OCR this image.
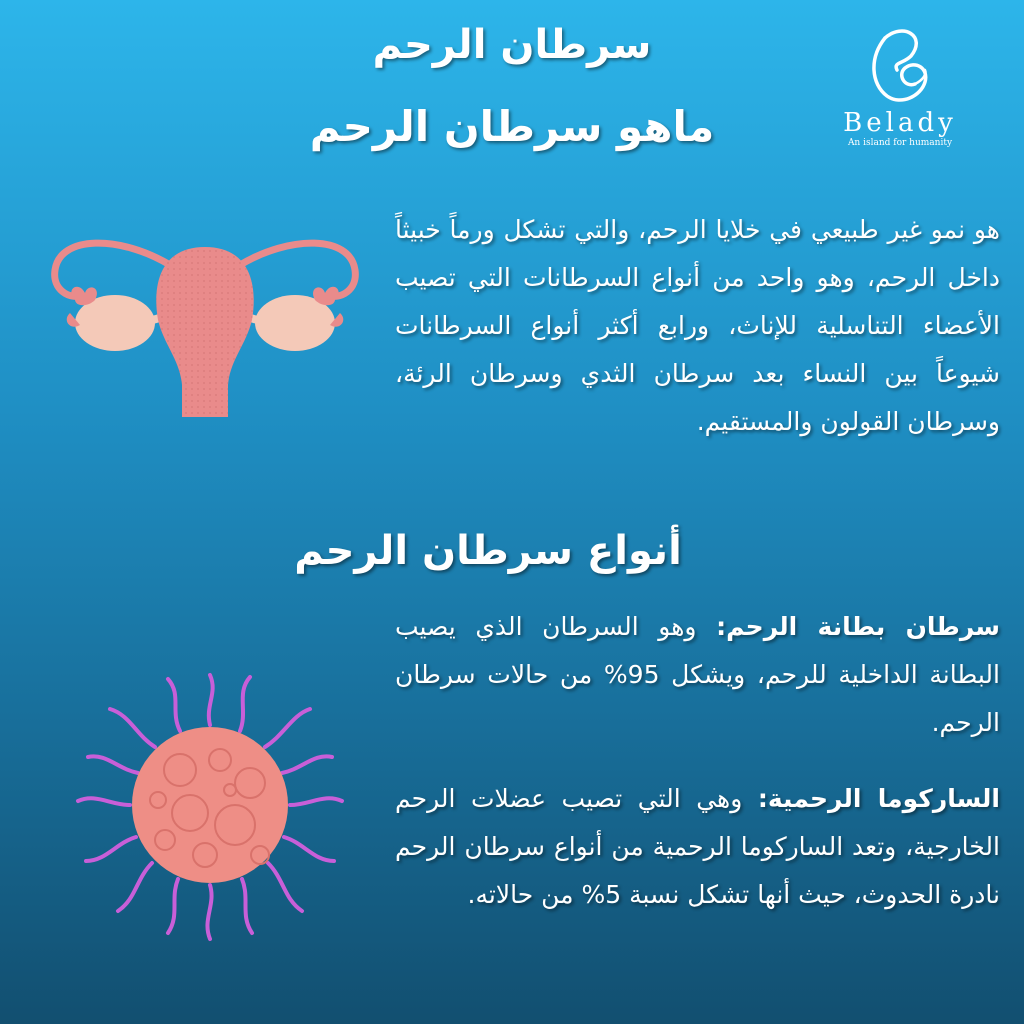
سرطان الرحم
ماهو سرطان الرحم	Belady
An island for humanity
هو نمو غير طبيعي في خلايا الرحم، والتي تشكل ورماً خبيثاً داخل الرحم، وهو واحد من أنواع السرطانات التي تصيب الأعضاء التناسلية للإناث، ورابع أكثر أنواع السرطانات شيوعاً بين النساء بعد سرطان الثدي وسرطان الرئة، وسرطان القولون والمستقيم.
أنواع سرطان الرحم
سرطان بطانة الرحم: وهو السرطان الذي يصيب البطانة الداخلية للرحم، ويشكل 95% من حالات سرطان الرحم.
الساركوما الرحمية: وهي التي تصيب عضلات الرحم الخارجية، وتعد الساركوما الرحمية من أنواع سرطان الرحم نادرة الحدوث، حيث أنها تشكل نسبة 5% من حالاته.
